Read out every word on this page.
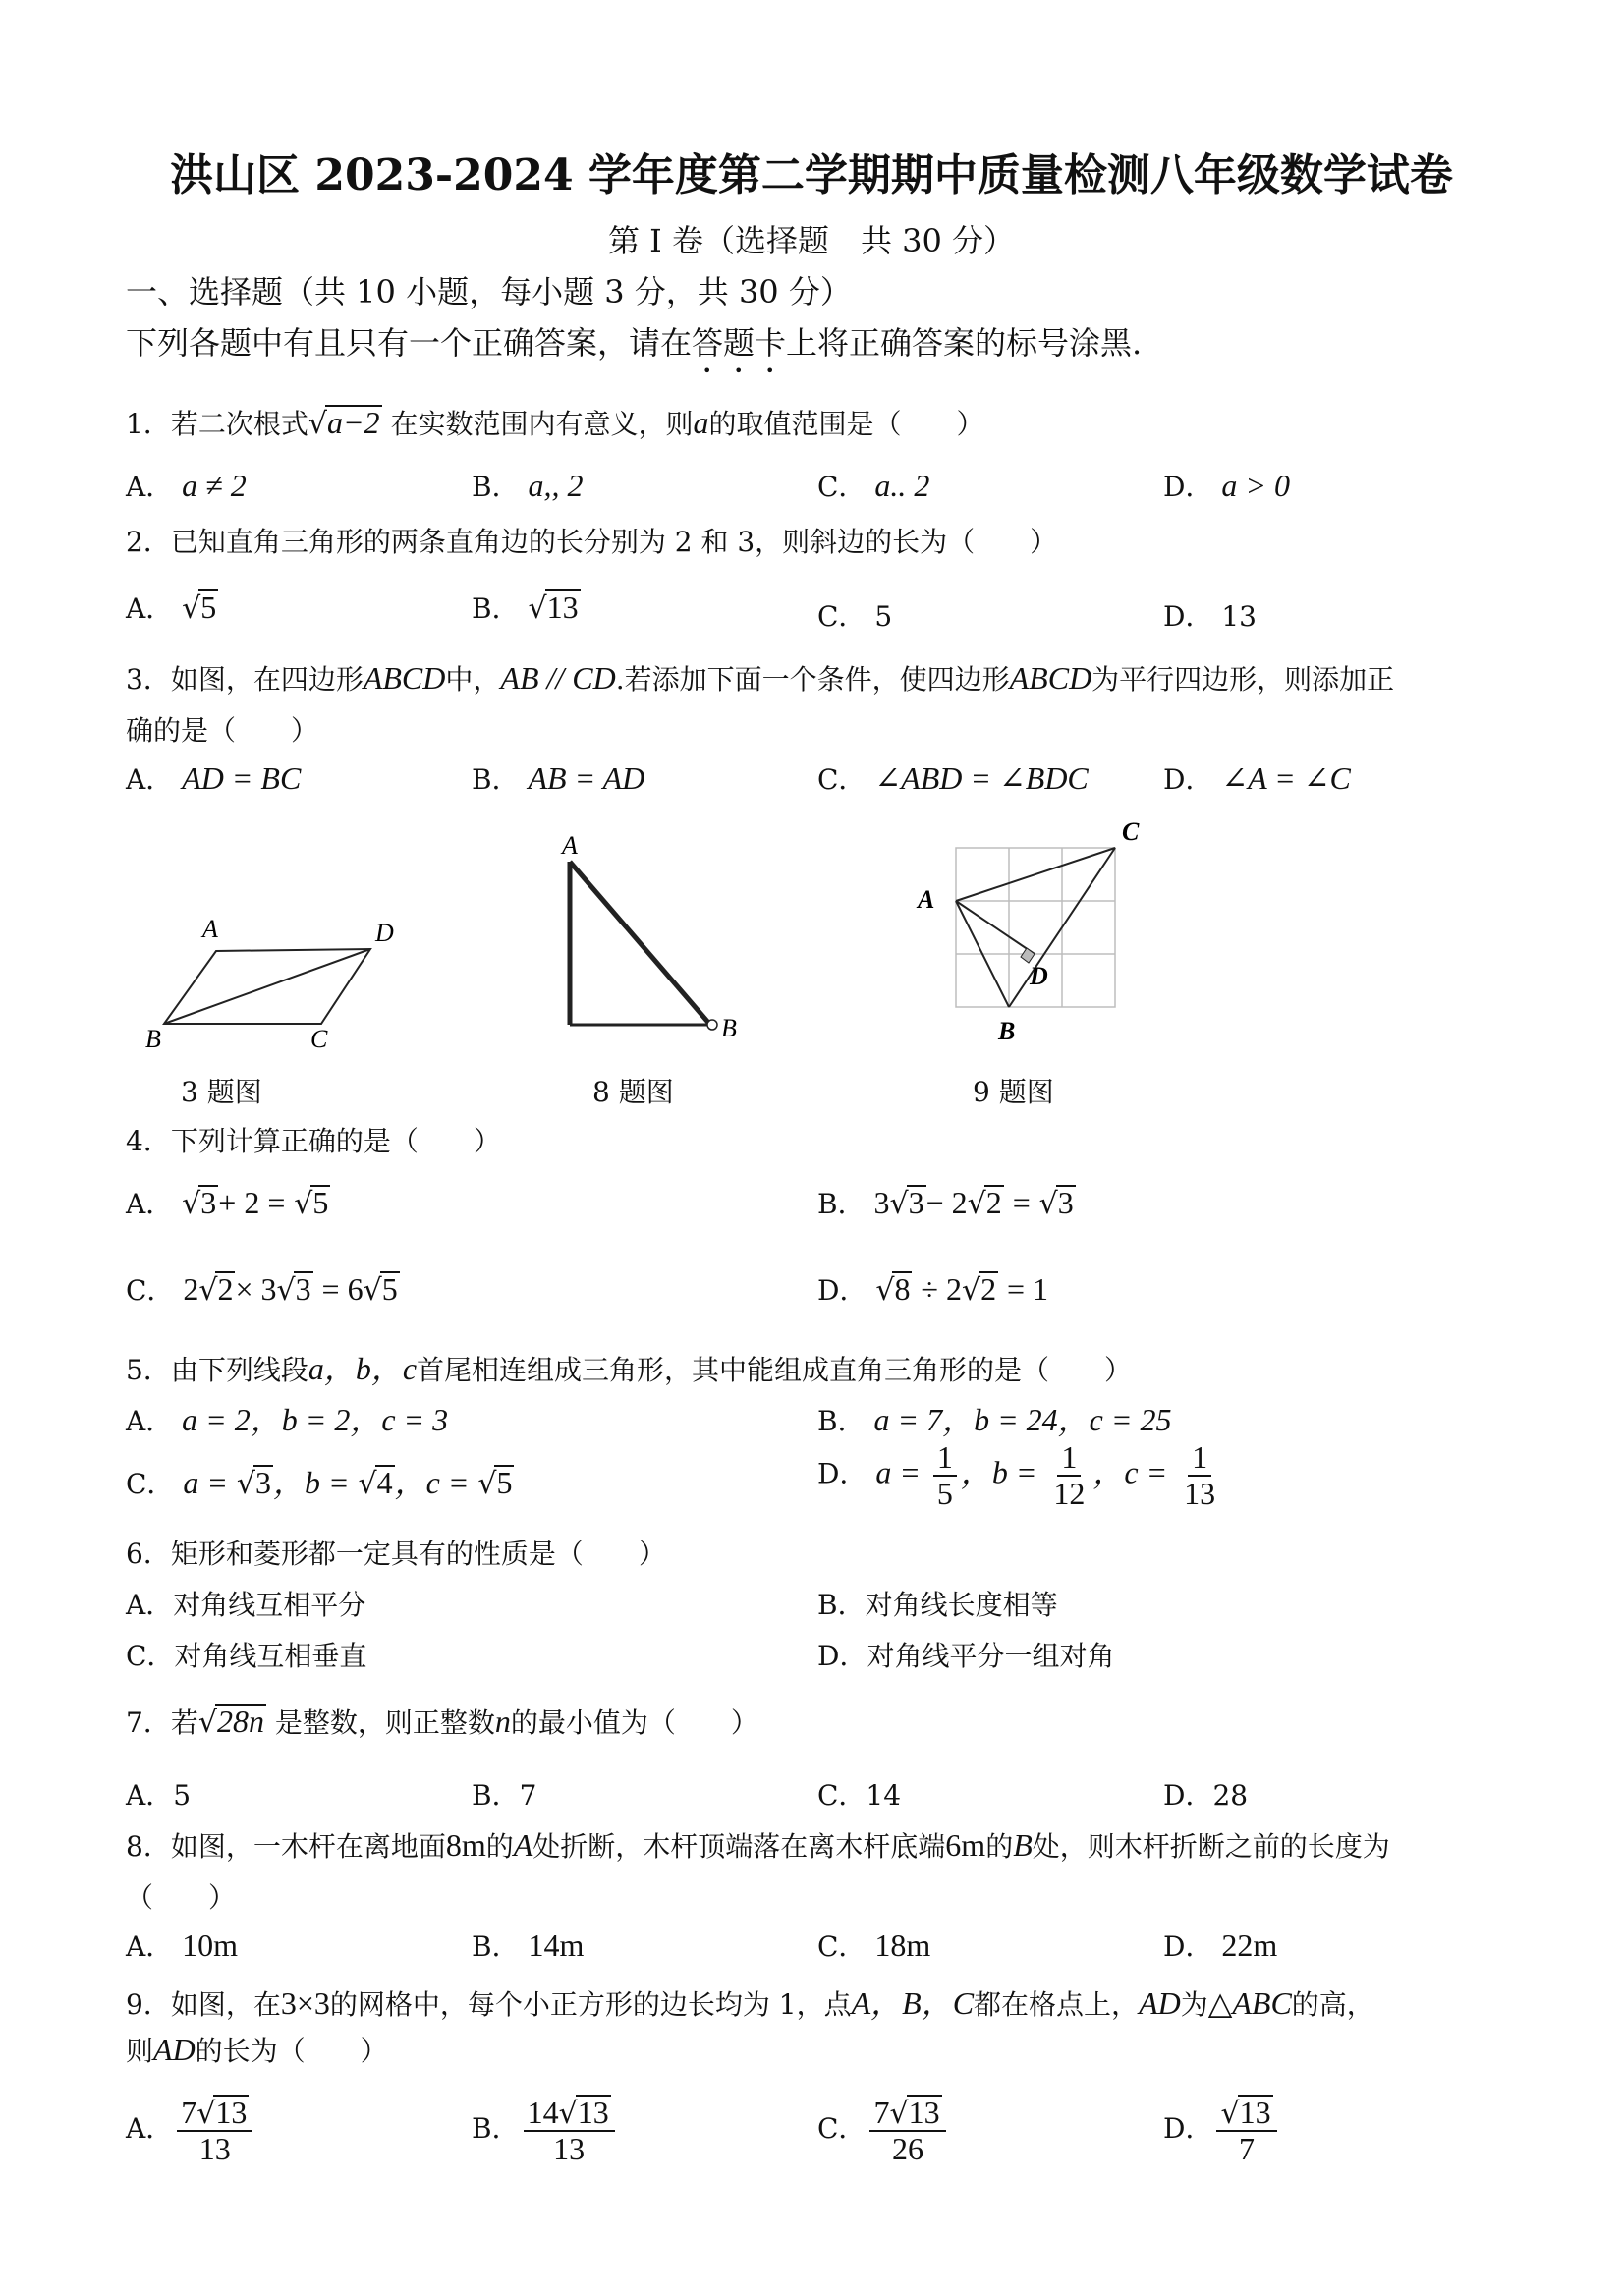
洪山区 2023-2024 学年度第二学期期中质量检测八年级数学试卷
第 I 卷（选择题　共 30 分）
一、选择题（共 10 小题，每小题 3 分，共 30 分）
下列各题中有且只有一个正确答案，请在答题卡上将正确答案的标号涂黑.
1．若二次根式√a−2 在实数范围内有意义，则a的取值范围是（　　）
A． a ≠ 2	B． a,, 2	C． a.. 2	D． a > 0
2．已知直角三角形的两条直角边的长分别为 2 和 3，则斜边的长为（　　）
A． √5	B． √13	C． 5	D． 13
3．如图，在四边形ABCD中，AB // CD.若添加下面一个条件，使四边形ABCD为平行四边形，则添加正
确的是（　　）
A． AD = BC	B． AB = AD	C． ∠ABD = ∠BDC	D． ∠A = ∠C
A	D
B	C
3 题图
A
B
8 题图
C
A
D
B
9 题图
4．下列计算正确的是（　　）
A． √3+ 2 = √5	B． 3√3− 2√2 = √3
C． 2√2× 3√3 = 6√5	D． √8 ÷ 2√2 = 1
5．由下列线段a，b，c首尾相连组成三角形，其中能组成直角三角形的是（　　）
A． a = 2，b = 2，c = 3	B． a = 7，b = 24，c = 25
C． a = √3，b = √4，c = √5	D． $a = \frac{1}{5}$ ，$b = \frac{1}{12}$ ，$c = \frac{1}{13}$
6．矩形和菱形都一定具有的性质是（　　）
A．对角线互相平分	B．对角线长度相等
C．对角线互相垂直	D．对角线平分一组对角
7．若√28n 是整数，则正整数n的最小值为（　　）
A．5	B．7	C．14	D．28
8．如图，一木杆在离地面8m的A处折断，木杆顶端落在离木杆底端6m的B处，则木杆折断之前的长度为
（　　）
A． 10m	B． 14m	C． 18m	D． 22m
9．如图，在3×3的网格中，每个小正方形的边长均为 1，点A，B，C都在格点上，AD为△ABC的高，
则AD的长为（　　）
A． $\frac{7√13}{13}$	B． $\frac{14√13}{13}$	C． $\frac{7√13}{26}$	D． $\frac{√13}{7}$
